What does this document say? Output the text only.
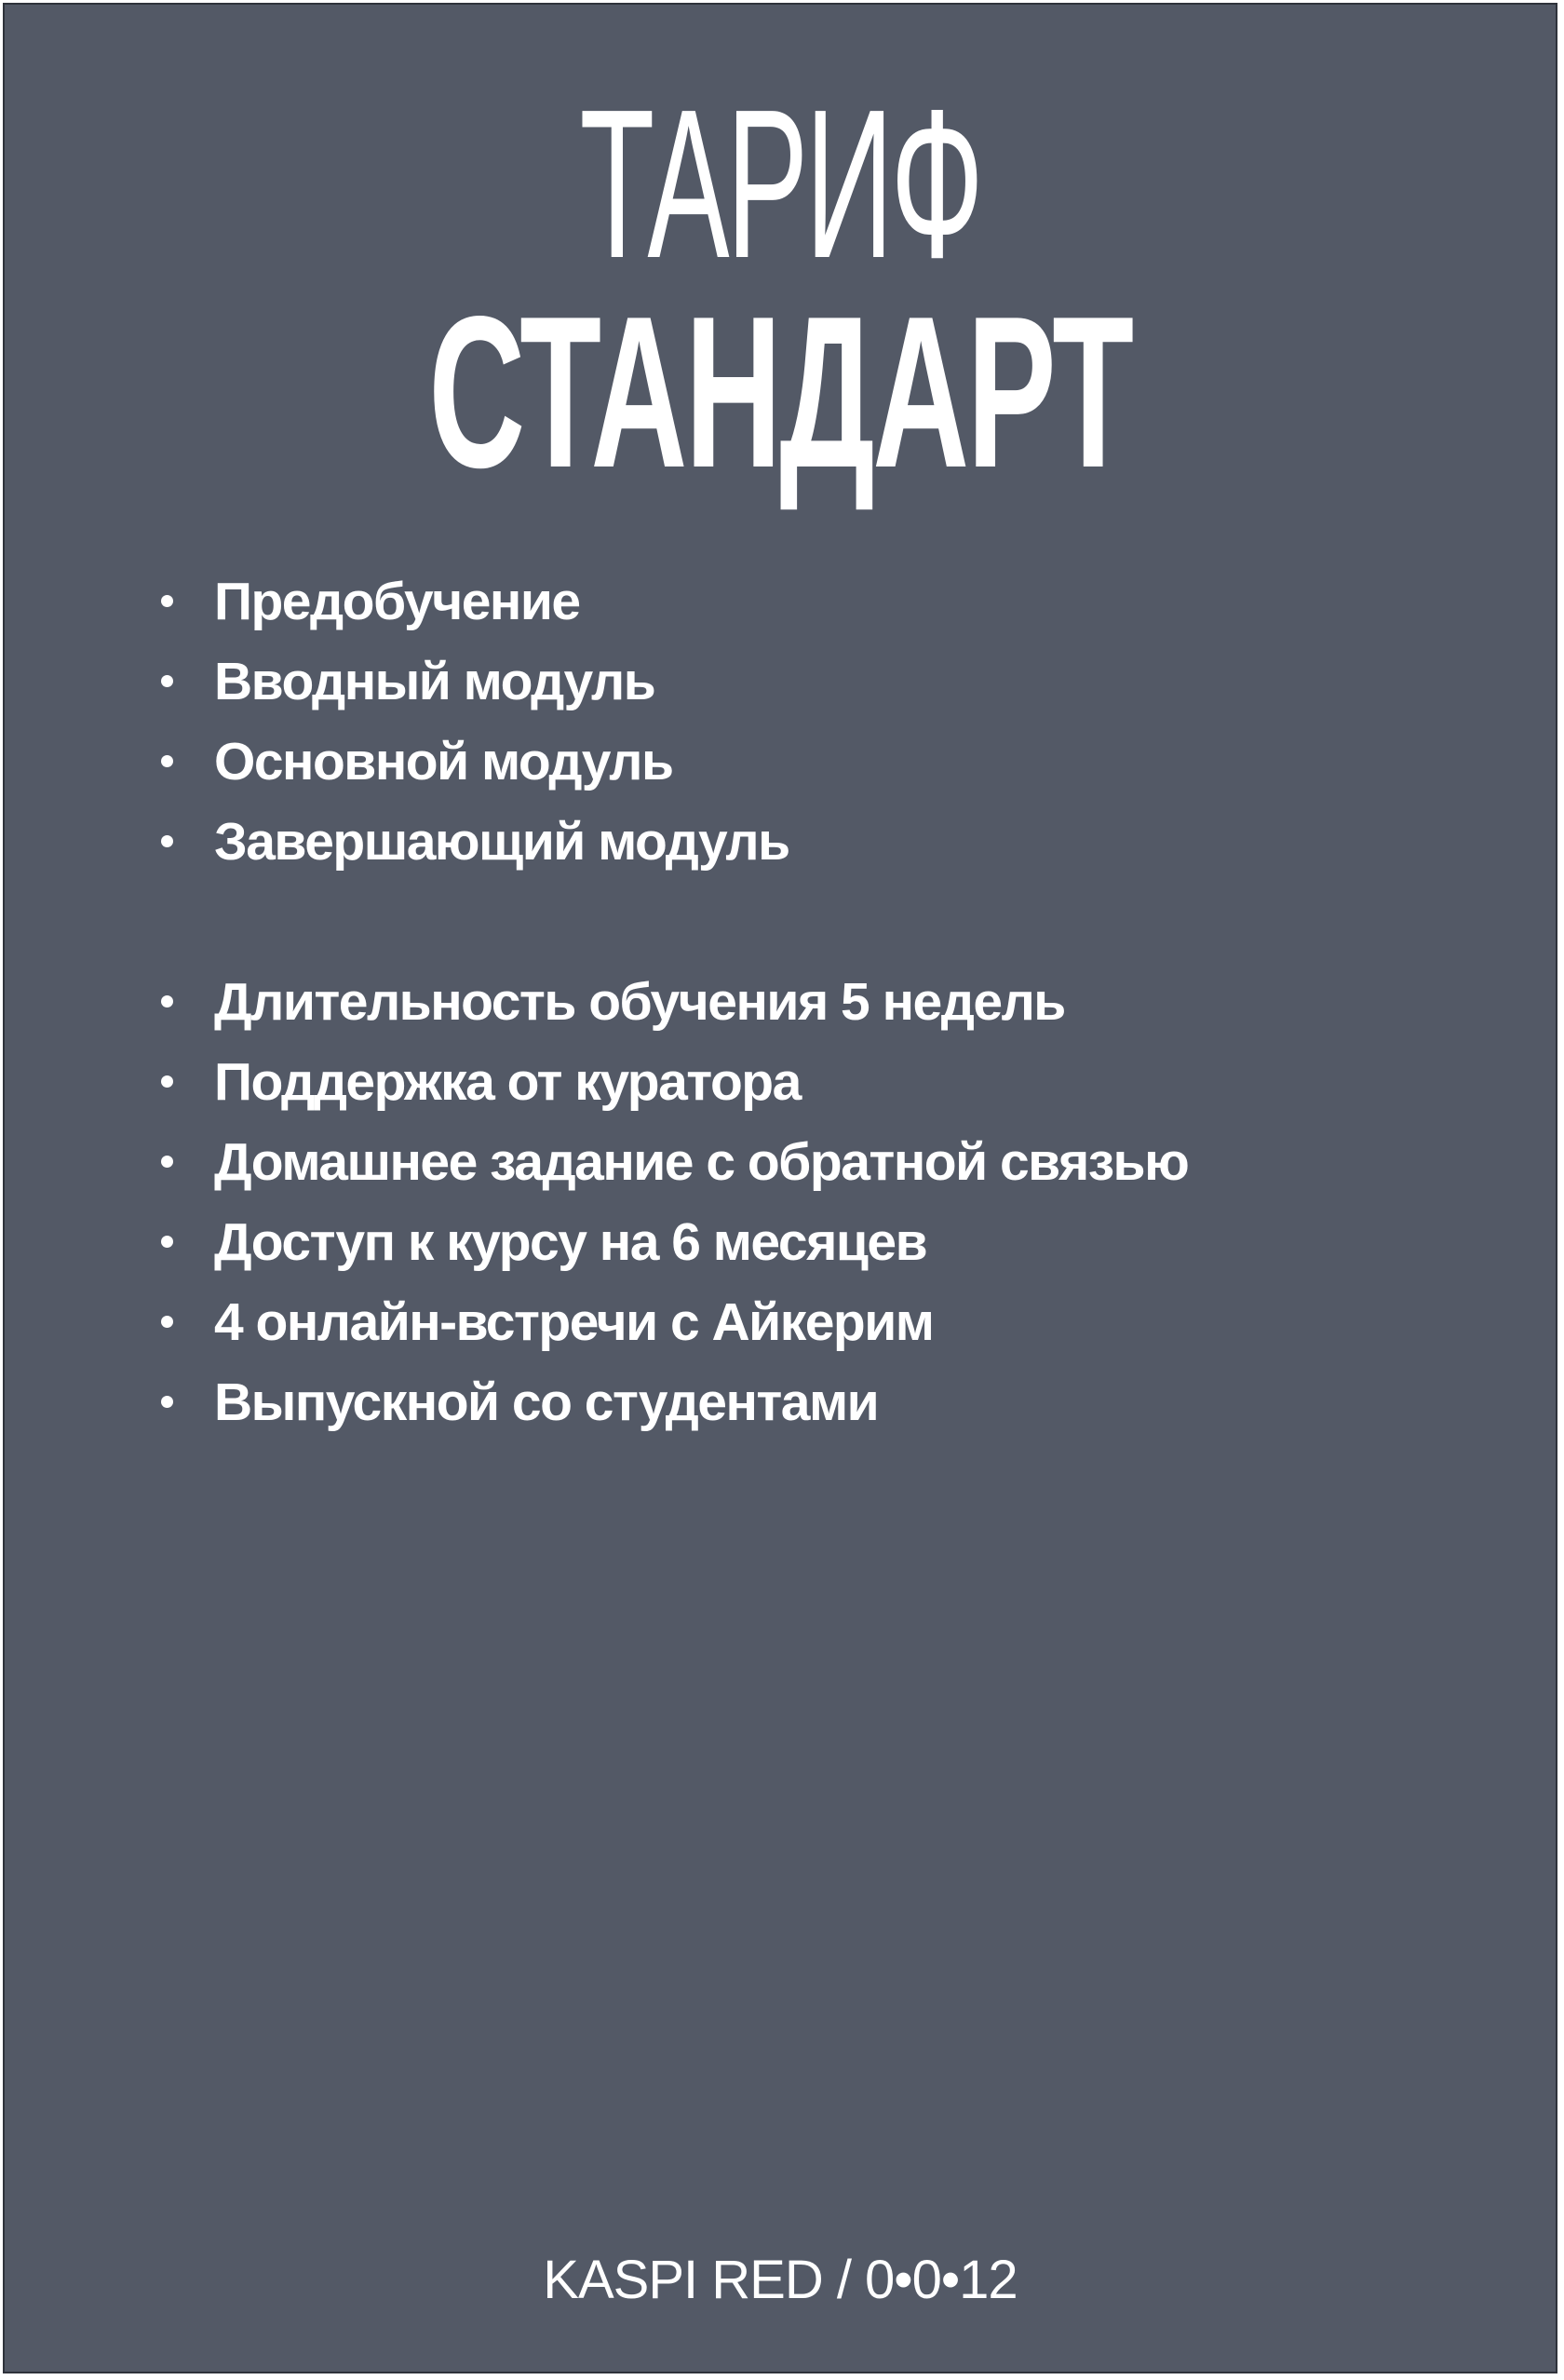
ТАРИФ
СТАНДАРТ
Предобучение
Вводный модуль
Основной модуль
Завершающий модуль
Длительность обучения 5 недель
Поддержка от куратора
Домашнее задание с обратной связью
Доступ к курсу на 6 месяцев
4 онлайн-встречи с Айкерим
Выпускной со студентами
KASPI RED / 0•0•12
